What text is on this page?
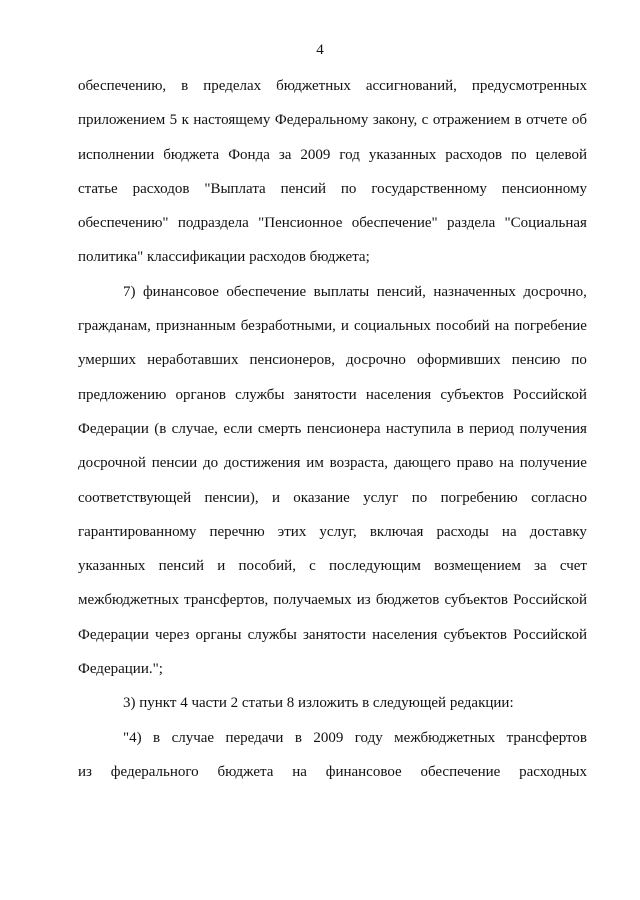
4
обеспечению, в пределах бюджетных ассигнований, предусмотренных
приложением 5 к настоящему Федеральному закону, с отражением в отчете об
исполнении бюджета Фонда за 2009 год указанных расходов по целевой
статье расходов "Выплата пенсий по государственному пенсионному
обеспечению" подраздела "Пенсионное обеспечение" раздела "Социальная
политика" классификации расходов бюджета;
7) финансовое обеспечение выплаты пенсий, назначенных досрочно,
гражданам, признанным безработными, и социальных пособий на погребение
умерших неработавших пенсионеров, досрочно оформивших пенсию по
предложению органов службы занятости населения субъектов Российской
Федерации (в случае, если смерть пенсионера наступила в период получения
досрочной пенсии до достижения им возраста, дающего право на получение
соответствующей пенсии), и оказание услуг по погребению согласно
гарантированному перечню этих услуг, включая расходы на доставку
указанных пенсий и пособий, с последующим возмещением за счет
межбюджетных трансфертов, получаемых из бюджетов субъектов Российской
Федерации через органы службы занятости населения субъектов Российской
Федерации.";
3) пункт 4 части 2 статьи 8 изложить в следующей редакции:
"4) в случае передачи в 2009 году межбюджетных трансфертов
из федерального бюджета на финансовое обеспечение расходных
